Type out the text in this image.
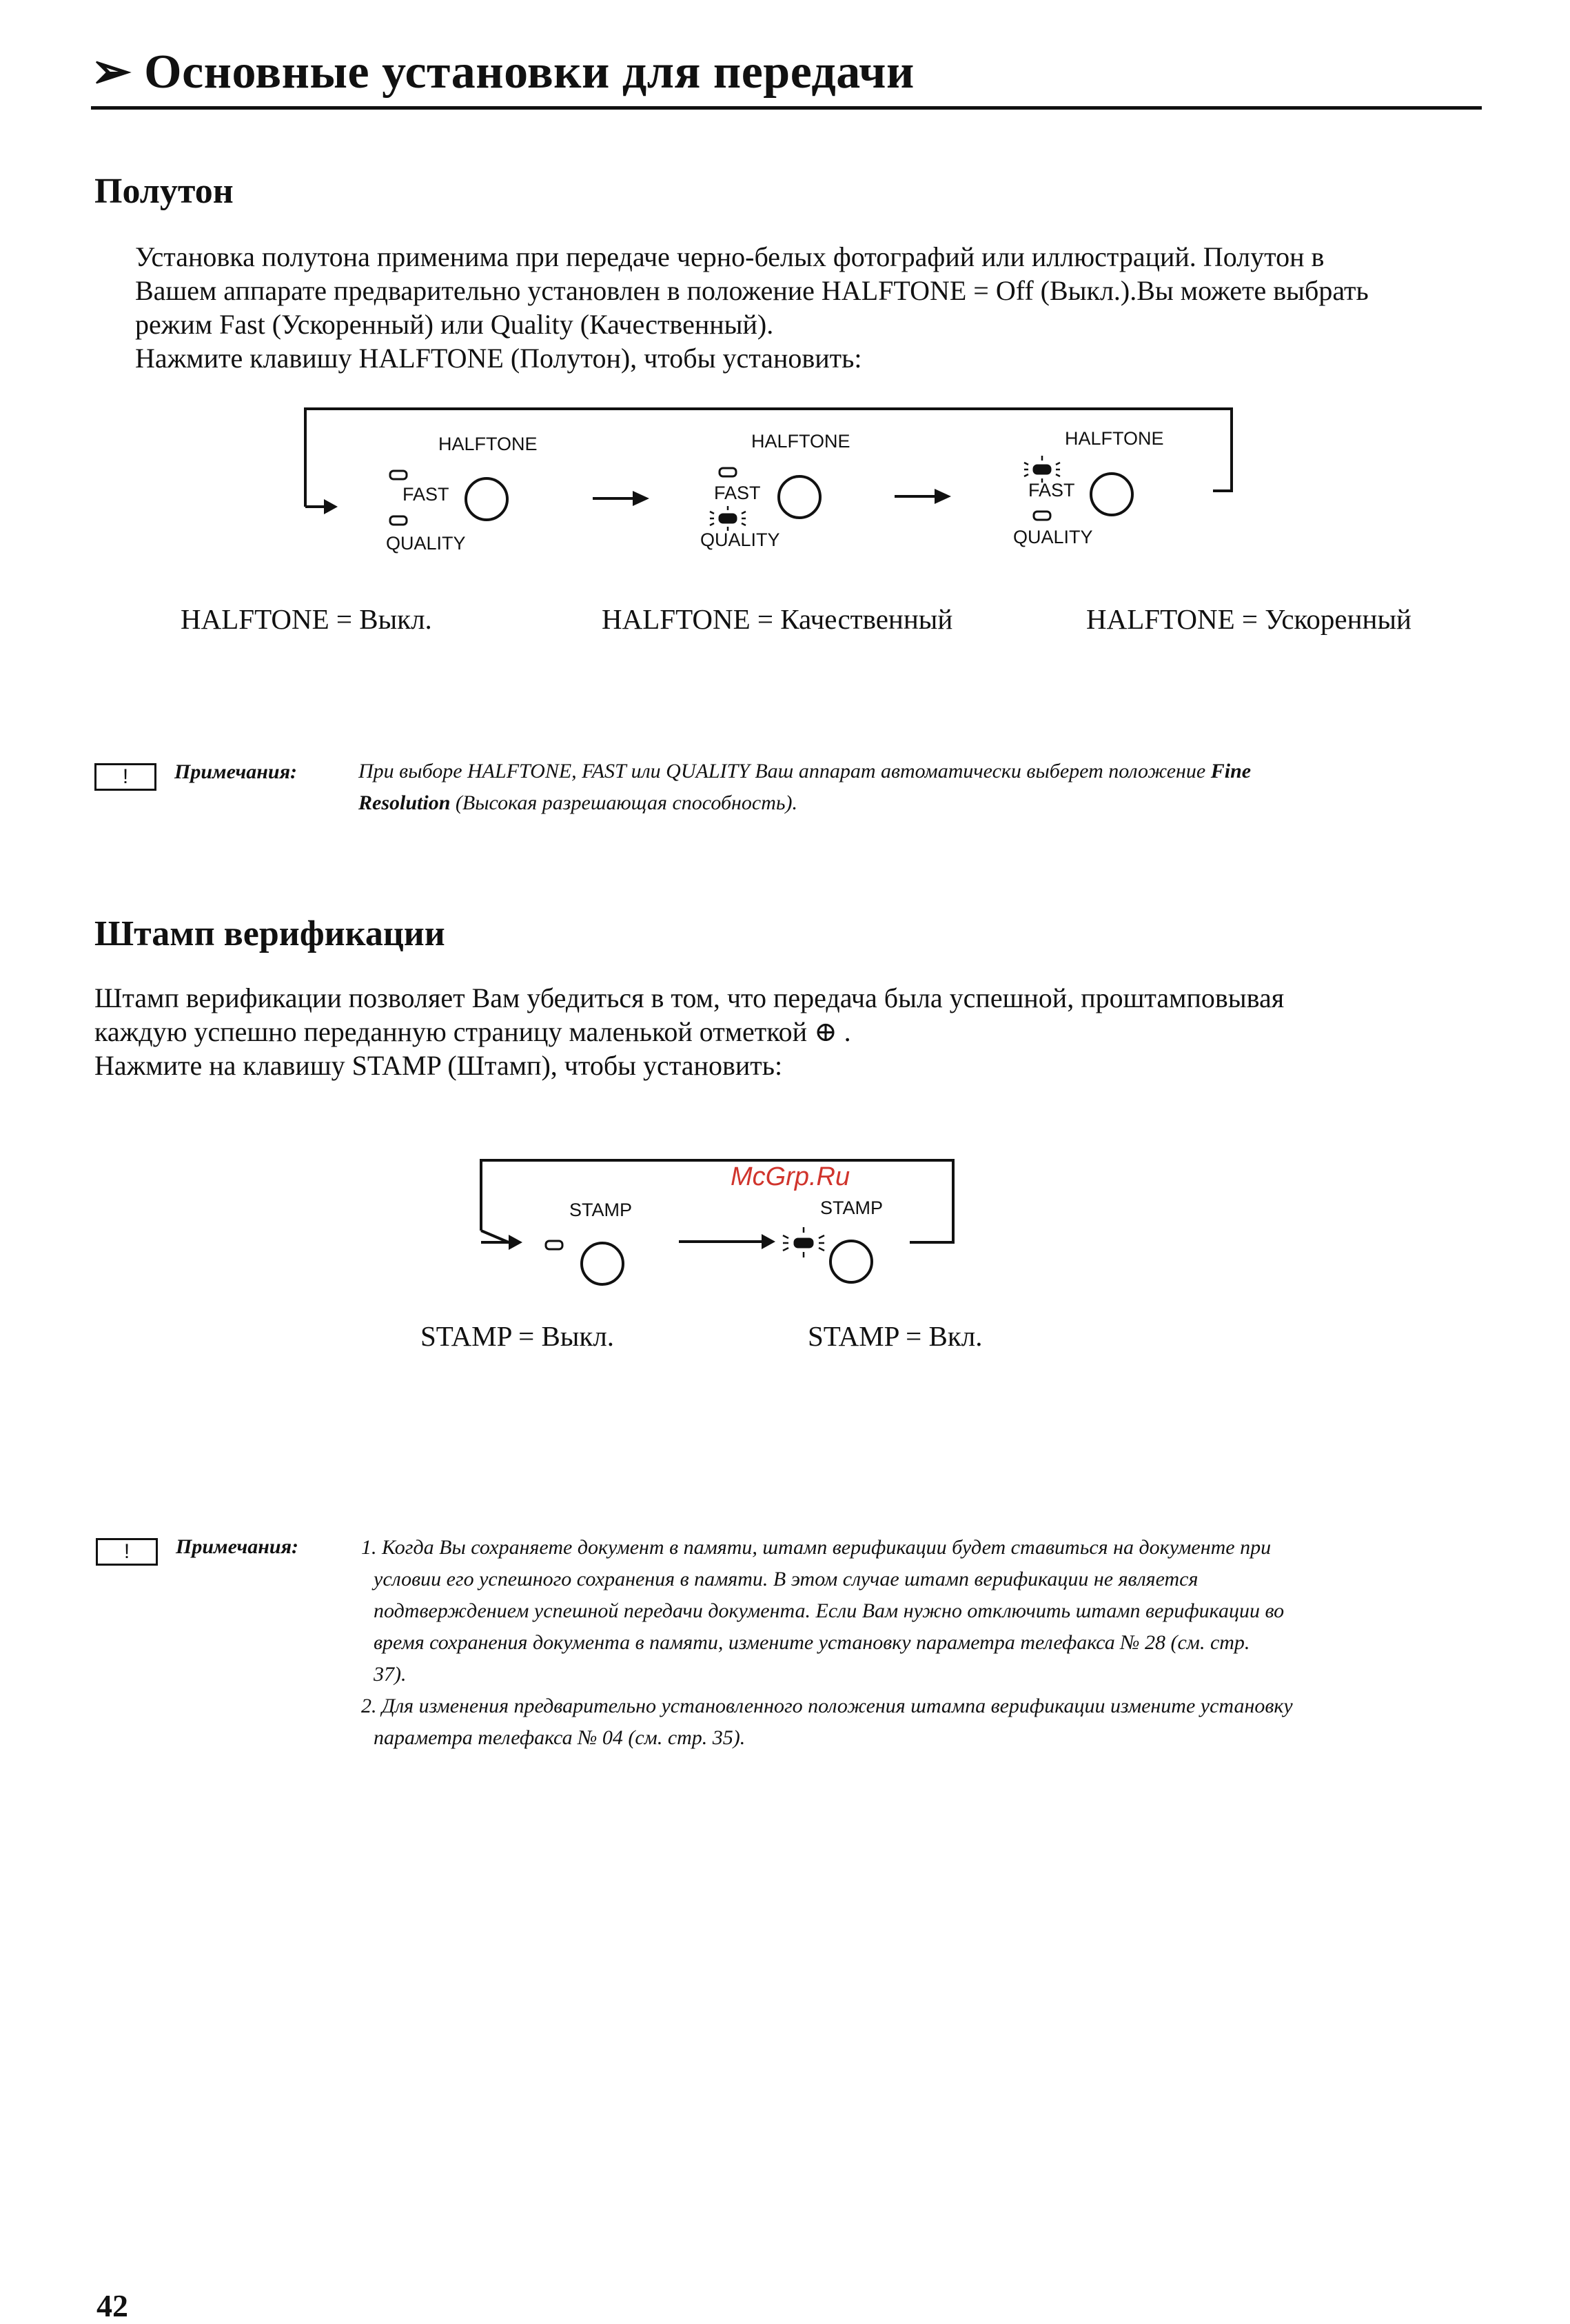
➢ Основные установки для передачи
Полутон
Установка полутона применима при передаче черно-белых фотографий или иллюстраций. Полутон в
Вашем аппарате предварительно установлен в положение HALFTONE = Off (Выкл.).Вы можете выбрать
режим Fast (Ускоренный) или Quality (Качественный).
Нажмите клавишу HALFTONE (Полутон), чтобы установить:
HALFTONE
FAST
QUALITY
HALFTONE
FAST
QUALITY
HALFTONE
FAST
QUALITY
HALFTONE = Выкл.	HALFTONE = Качественный	HALFTONE = Ускоренный
!	Примечания:	При выборе HALFTONE, FAST или QUALITY Ваш аппарат автоматически выберет положение Fine
Resolution (Высокая разрешающая способность).
Штамп верификации
Штамп верификации позволяет Вам убедиться в том, что передача была успешной, проштамповывая
каждую успешно переданную страницу маленькой отметкой ⊕ .
Нажмите на клавишу STAMP (Штамп), чтобы установить:
McGrp.Ru
STAMP	STAMP
STAMP = Выкл.	STAMP = Вкл.
!	Примечания:	1. Когда Вы сохраняете документ в памяти, штамп верификации будет ставиться на документе при
условии его успешного сохранения в памяти. В этом случае штамп верификации не является
подтверждением успешной передачи документа. Если Вам нужно отключить штамп верификации во
время сохранения документа в памяти, измените установку параметра телефакса № 28 (см. стр.
37).
2. Для изменения предварительно установленного положения штампа верификации измените установку
параметра телефакса № 04 (см. стр. 35).
42
